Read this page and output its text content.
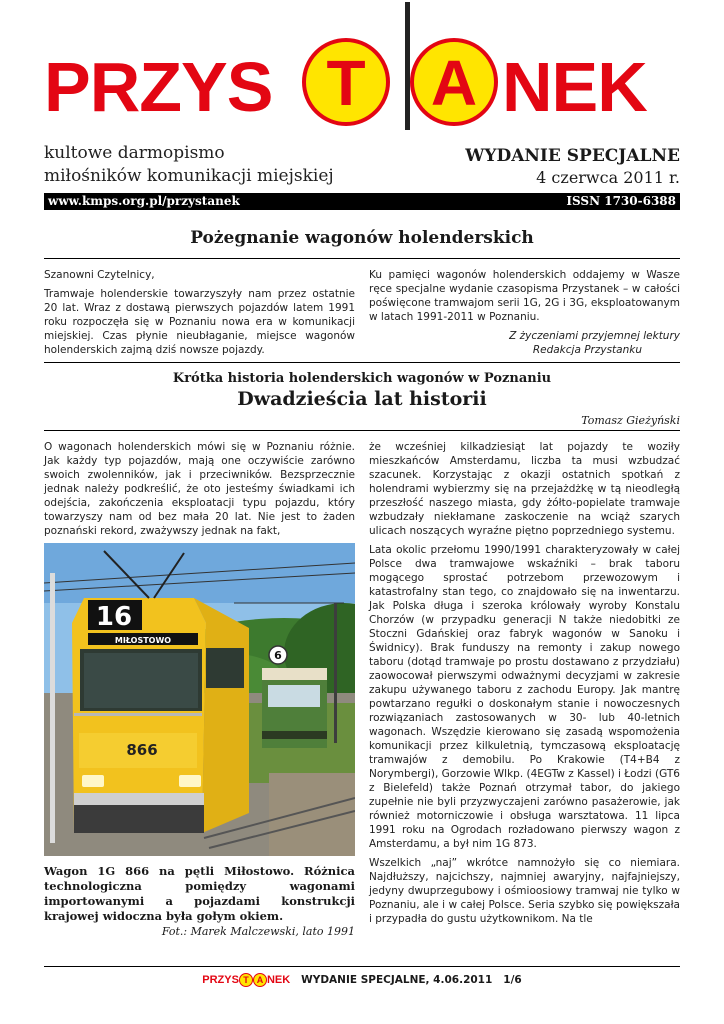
PRZYS T	A NEK
kultowe darmopismo
miłośników komunikacji miejskiej
WYDANIE SPECJALNE
4 czerwca 2011 r.
www.kmps.org.pl/przystanek	ISSN 1730-6388
Pożegnanie wagonów holenderskich

Szanowni Czytelnicy,

Tramwaje holenderskie towarzyszyły nam przez ostatnie 20 lat. Wraz z dostawą pierwszych pojazdów latem 1991 roku rozpoczęła się w Poznaniu nowa era w komunikacji miejskiej. Czas płynie nieubłaganie, miejsce wagonów holenderskich zajmą dziś nowsze pojazdy.

Ku pamięci wagonów holenderskich oddajemy w Wasze ręce specjalne wydanie czasopisma Przystanek – w całości poświęcone tramwajom serii 1G, 2G i 3G, eksploatowanym w latach 1991-2011 w Poznaniu.

Z życzeniami przyjemnej lektury
Redakcja Przystanku
Krótka historia holenderskich wagonów w Poznaniu
Dwadzieścia lat historii
Tomasz Gieżyński

O wagonach holenderskich mówi się w Poznaniu różnie. Jak każdy typ pojazdów, mają one oczywiście zarówno swoich zwolenników, jak i przeciwników. Bezsprzecznie jednak należy podkreślić, że oto jesteśmy świadkami ich odejścia, zakończenia eksploatacji typu pojazdu, który towarzyszy nam od bez mała 20 lat. Nie jest to żaden poznański rekord, zważywszy jednak na fakt,

6
16
MIŁOSTOWO
866
Wagon 1G 866 na pętli Miłostowo. Różnica technologiczna pomiędzy wagonami importowanymi a pojazdami konstrukcji krajowej widoczna była gołym okiem.
Fot.: Marek Malczewski, lato 1991

że wcześniej kilkadziesiąt lat pojazdy te woziły mieszkańców Amsterdamu, liczba ta musi wzbudzać szacunek. Korzystając z okazji ostatnich spotkań z holendrami wybierzmy się na przejażdżkę w tą nieodległą przeszłość naszego miasta, gdy żółto-popielate tramwaje wzbudzały niekłamane zaskoczenie na wciąż szarych ulicach noszących wyraźne piętno poprzedniego systemu.

Lata okolic przełomu 1990/1991 charakteryzowały w całej Polsce dwa tramwajowe wskaźniki – brak taboru mogącego sprostać potrzebom przewozowym i katastrofalny stan tego, co znajdowało się na inwentarzu. Jak Polska długa i szeroka królowały wyroby Konstalu Chorzów (w przypadku generacji N także niedobitki ze Stoczni Gdańskiej oraz fabryk wagonów w Sanoku i Świdnicy). Brak funduszy na remonty i zakup nowego taboru (dotąd tramwaje po prostu dostawano z przydziału) zaowocował pierwszymi odważnymi decyzjami w zakresie zakupu używanego taboru z zachodu Europy. Jak mantrę powtarzano regułki o doskonałym stanie i nowoczesnych rozwiązaniach zastosowanych w 30- lub 40-letnich wagonach. Wszędzie kierowano się zasadą wspomożenia komunikacji przez kilkuletnią, tymczasową eksploatację tramwajów z demobilu. Po Krakowie (T4+B4 z Norymbergi), Gorzowie Wlkp. (4EGTw z Kassel) i Łodzi (GT6 z Bielefeld) także Poznań otrzymał tabor, do jakiego zupełnie nie byli przyzwyczajeni zarówno pasażerowie, jak również motorniczowie i obsługa warsztatowa. 11 lipca 1991 roku na Ogrodach rozładowano pierwszy wagon z Amsterdamu, a był nim 1G 873.

Wszelkich „naj” wkrótce namnożyło się co niemiara. Najdłuższy, najcichszy, najmniej awaryjny, najfajniejszy, jedyny dwuprzegubowy i ośmioosiowy tramwaj nie tylko w Poznaniu, ale i w całej Polsce. Seria szybko się powiększała i przypadła do gustu użytkownikom. Na tle

PRZYS T A NEK WYDANIE SPECJALNE, 4.06.2011 1/6
